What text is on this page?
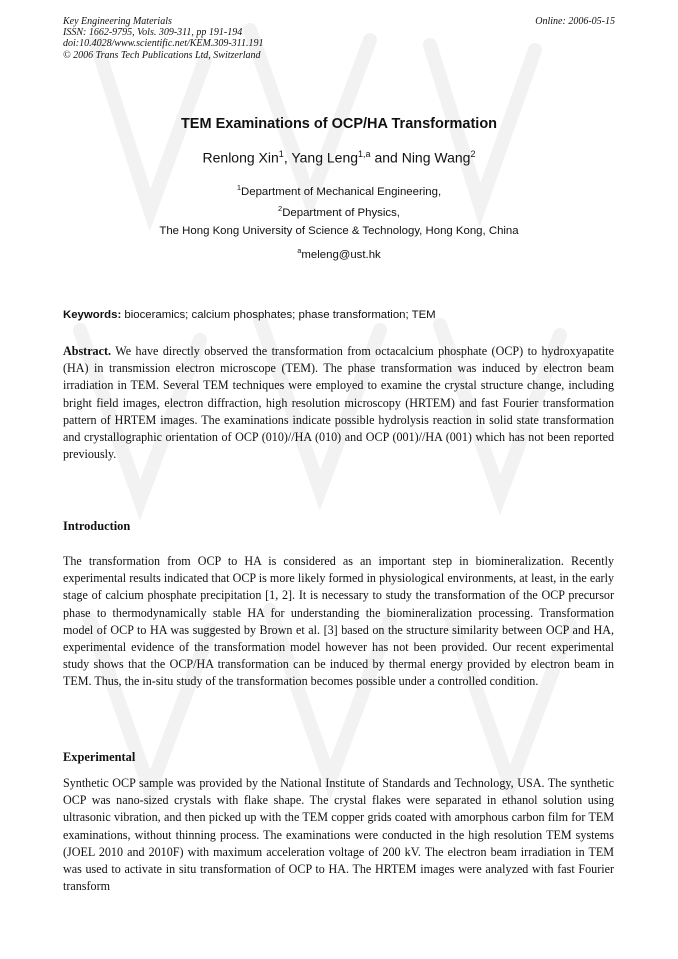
Key Engineering Materials
ISSN: 1662-9795, Vols. 309-311, pp 191-194
doi:10.4028/www.scientific.net/KEM.309-311.191
© 2006 Trans Tech Publications Ltd, Switzerland
Online: 2006-05-15
TEM Examinations of OCP/HA Transformation
Renlong Xin$^1$, Yang Leng$^{1,a}$ and Ning Wang$^2$
$^1$Department of Mechanical Engineering,
$^2$Department of Physics,
The Hong Kong University of Science & Technology, Hong Kong, China
$^a$meleng@ust.hk
Keywords: bioceramics; calcium phosphates; phase transformation; TEM
Abstract. We have directly observed the transformation from octacalcium phosphate (OCP) to hydroxyapatite (HA) in transmission electron microscope (TEM). The phase transformation was induced by electron beam irradiation in TEM. Several TEM techniques were employed to examine the crystal structure change, including bright field images, electron diffraction, high resolution microscopy (HRTEM) and fast Fourier transformation pattern of HRTEM images. The examinations indicate possible hydrolysis reaction in solid state transformation and crystallographic orientation of OCP (010)//HA (010) and OCP (001)//HA (001) which has not been reported previously.
Introduction
The transformation from OCP to HA is considered as an important step in biomineralization. Recently experimental results indicated that OCP is more likely formed in physiological environments, at least, in the early stage of calcium phosphate precipitation [1, 2]. It is necessary to study the transformation of the OCP precursor phase to thermodynamically stable HA for understanding the biomineralization processing. Transformation model of OCP to HA was suggested by Brown et al. [3] based on the structure similarity between OCP and HA, experimental evidence of the transformation model however has not been provided. Our recent experimental study shows that the OCP/HA transformation can be induced by thermal energy provided by electron beam in TEM. Thus, the in-situ study of the transformation becomes possible under a controlled condition.
Experimental
Synthetic OCP sample was provided by the National Institute of Standards and Technology, USA. The synthetic OCP was nano-sized crystals with flake shape. The crystal flakes were separated in ethanol solution using ultrasonic vibration, and then picked up with the TEM copper grids coated with amorphous carbon film for TEM examinations, without thinning process. The examinations were conducted in the high resolution TEM systems (JOEL 2010 and 2010F) with maximum acceleration voltage of 200 kV. The electron beam irradiation in TEM was used to activate in situ transformation of OCP to HA. The HRTEM images were analyzed with fast Fourier transform
